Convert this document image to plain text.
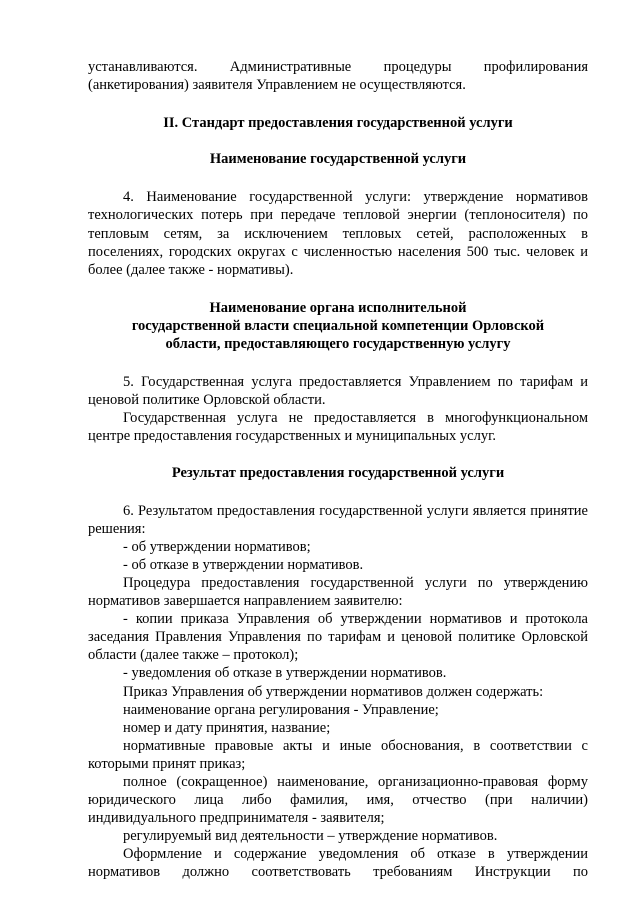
устанавливаются. Административные процедуры профилирования

(анкетирования) заявителя Управлением не осуществляются.

II. Стандарт предоставления государственной услуги

Наименование государственной услуги

4. Наименование государственной услуги: утверждение нормативов технологических потерь при передаче тепловой энергии (теплоносителя) по тепловым сетям, за исключением тепловых сетей, расположенных в поселениях, городских округах с численностью населения 500 тыс. человек и более (далее также - нормативы).

Наименование органа исполнительной

государственной власти специальной компетенции Орловской

области, предоставляющего государственную услугу

5. Государственная услуга предоставляется Управлением по тарифам и ценовой политике Орловской области.

Государственная услуга не предоставляется в многофункциональном центре предоставления государственных и муниципальных услуг.

Результат предоставления государственной услуги

6. Результатом предоставления государственной услуги является принятие решения:

- об утверждении нормативов;

- об отказе в утверждении нормативов.

Процедура предоставления государственной услуги по утверждению нормативов завершается направлением заявителю:

- копии приказа Управления об утверждении нормативов и протокола заседания Правления Управления по тарифам и ценовой политике Орловской области (далее также – протокол);

- уведомления об отказе в утверждении нормативов.

Приказ Управления об утверждении нормативов должен содержать:

наименование органа регулирования - Управление;

номер и дату принятия, название;

нормативные правовые акты и иные обоснования, в соответствии с которыми принят приказ;

полное (сокращенное) наименование, организационно-правовая форму юридического лица либо фамилия, имя, отчество (при наличии) индивидуального предпринимателя - заявителя;

регулируемый вид деятельности – утверждение нормативов.

Оформление и содержание уведомления об отказе в утверждении

нормативов должно соответствовать требованиям Инструкции по
